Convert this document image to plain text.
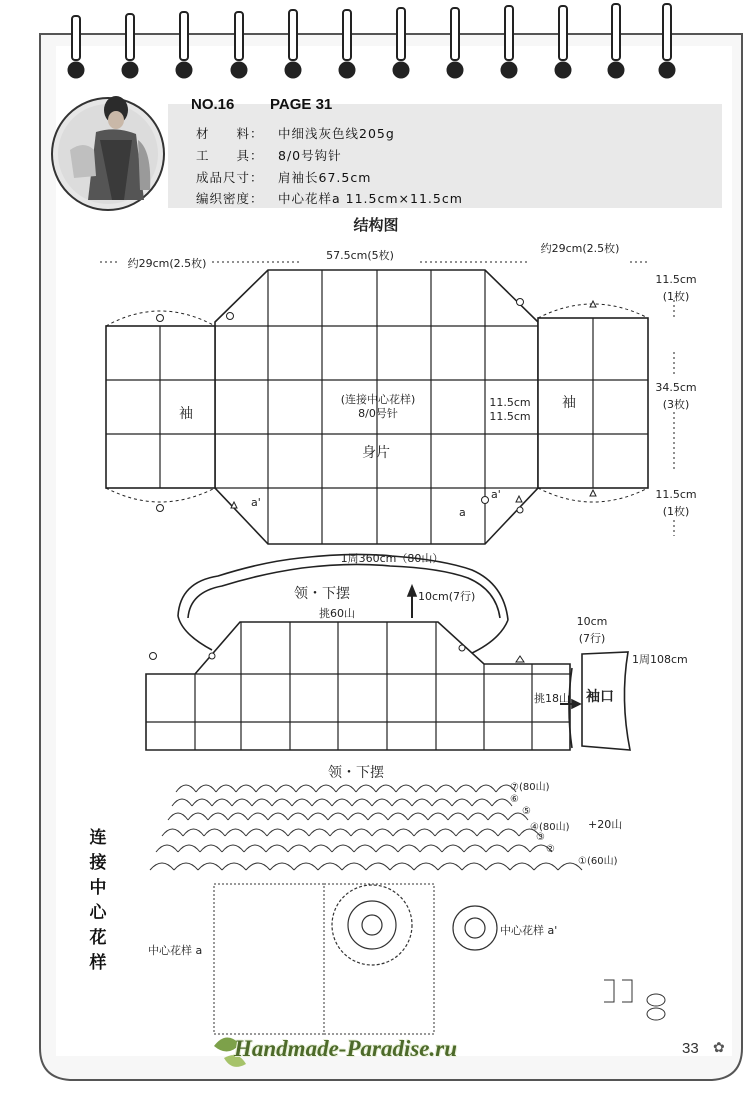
NO.16 PAGE 31
材　　料： 中细浅灰色线205g
工　　具： 8/0号钩针
成品尺寸： 肩袖长67.5cm
编织密度： 中心花样a 11.5cm×11.5cm
结构图
约29cm(2.5枚)
57.5cm(5枚)
约29cm(2.5枚)
11.5cm
(1枚)
34.5cm
(3枚)
11.5cm
(1枚)
袖
袖
(连接中心花样)
8/0号针
身片
11.5cm
11.5cm
a'
a'
a
1周360cm（80山）
领・下摆
挑60山
10cm(7行)
10cm
(7行)
1周108cm
挑18山 袖口
领・下摆
⑦(80山)
⑥
⑤
④(80山) +20山
③
②
①(60山)
中心花样 a
中心花样 a'
连
接
中
心
花
样
33 ✿
Handmade-Paradise.ru
